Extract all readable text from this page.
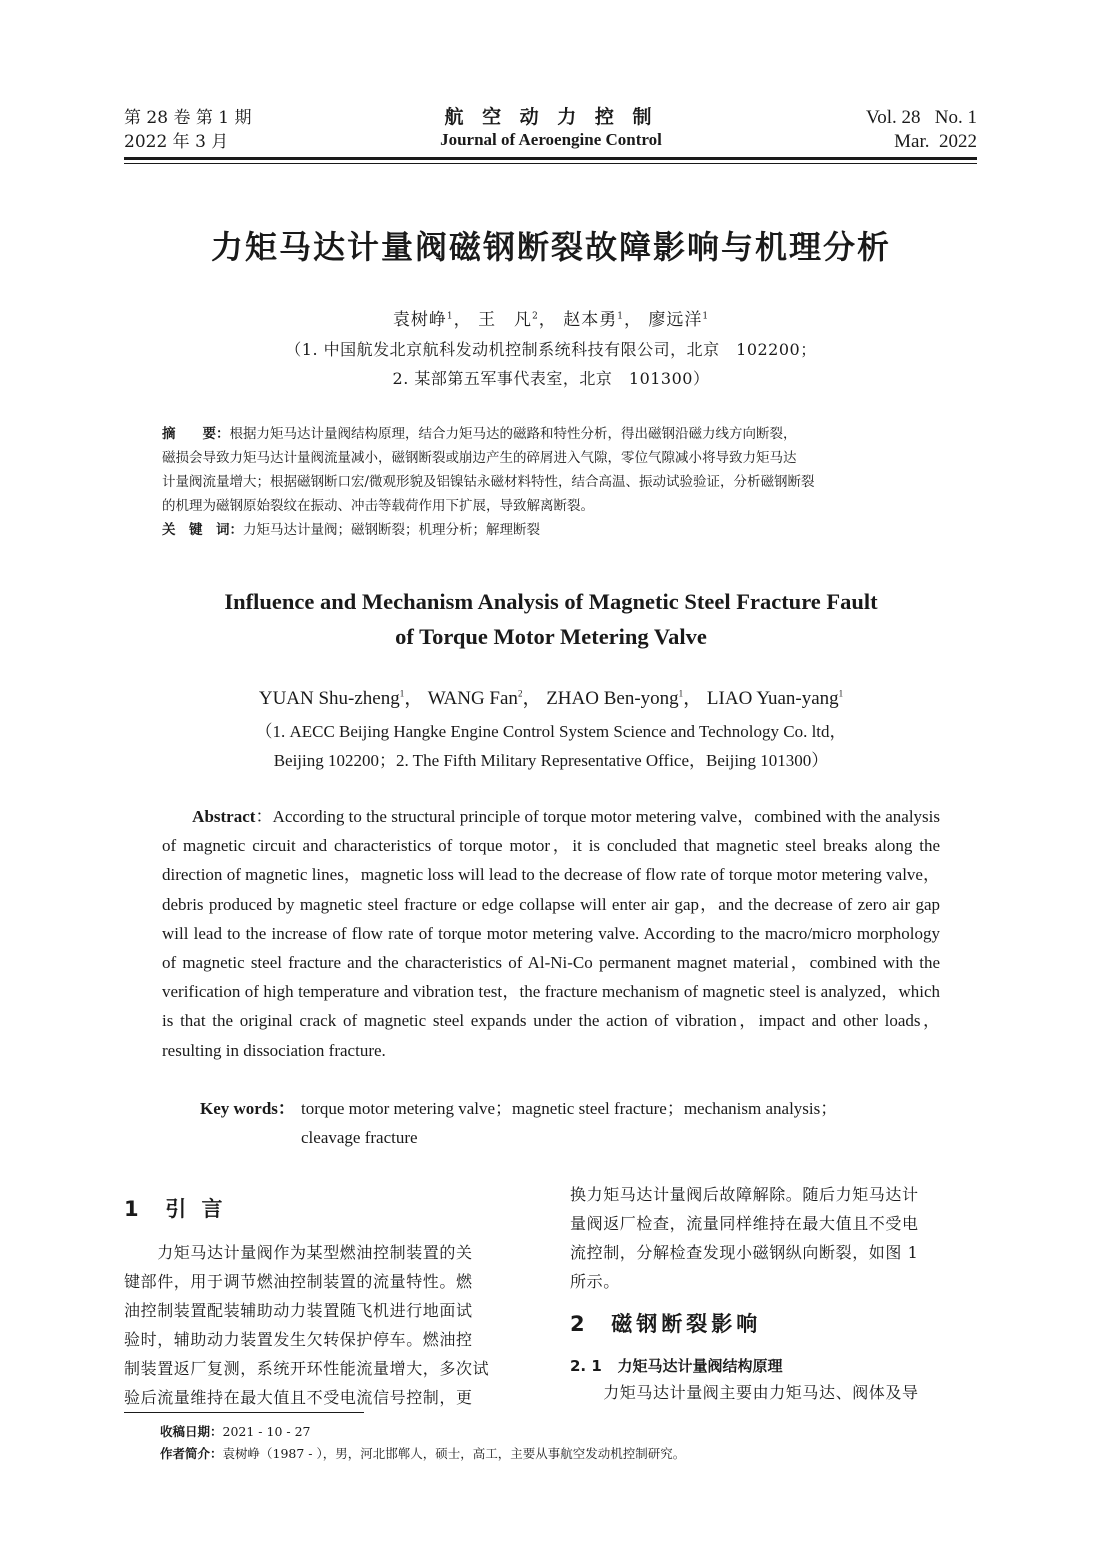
第 28 卷 第 1 期
2022 年 3 月
航 空 动 力 控 制
Journal of Aeroengine Control
Vol. 28   No. 1
Mar.  2022
力矩马达计量阀磁钢断裂故障影响与机理分析
袁树峥$^1$， 王　凡$^2$， 赵本勇$^1$， 廖远洋$^1$
（1. 中国航发北京航科发动机控制系统科技有限公司，北京　102200；
2. 某部第五军事代表室，北京　101300）
摘　　要：根据力矩马达计量阀结构原理，结合力矩马达的磁路和特性分析，得出磁钢沿磁力线方向断裂，
磁损会导致力矩马达计量阀流量减小，磁钢断裂或崩边产生的碎屑进入气隙，零位气隙减小将导致力矩马达
计量阀流量增大；根据磁钢断口宏/微观形貌及铝镍钴永磁材料特性，结合高温、振动试验验证，分析磁钢断裂
的机理为磁钢原始裂纹在振动、冲击等载荷作用下扩展，导致解离断裂。
关　键　词：力矩马达计量阀；磁钢断裂；机理分析；解理断裂
Influence and Mechanism Analysis of Magnetic Steel Fracture Fault
of Torque Motor Metering Valve
YUAN Shu-zheng$^1$， WANG Fan$^2$， ZHAO Ben-yong$^1$， LIAO Yuan-yang$^1$
（1. AECC Beijing Hangke Engine Control System Science and Technology Co. ltd，
Beijing 102200；2. The Fifth Military Representative Office，Beijing 101300）
Abstract：According to the structural principle of torque motor metering valve，combined with the analysis of magnetic circuit and characteristics of torque motor，it is concluded that magnetic steel breaks along the direction of magnetic lines，magnetic loss will lead to the decrease of flow rate of torque motor metering valve，debris produced by magnetic steel fracture or edge collapse will enter air gap，and the decrease of zero air gap will lead to the increase of flow rate of torque motor metering valve. According to the macro/micro morphology of magnetic steel fracture and the characteristics of Al-Ni-Co permanent magnet material，combined with the verification of high temperature and vibration test，the fracture mechanism of magnetic steel is analyzed，which is that the original crack of magnetic steel expands under the action of vibration，impact and other loads，resulting in dissociation fracture.
Key words： torque motor metering valve；magnetic steel fracture；mechanism analysis；
cleavage fracture
1 引 言
　　力矩马达计量阀作为某型燃油控制装置的关
键部件，用于调节燃油控制装置的流量特性。燃
油控制装置配装辅助动力装置随飞机进行地面试
验时，辅助动力装置发生欠转保护停车。燃油控
制装置返厂复测，系统开环性能流量增大，多次试
验后流量维持在最大值且不受电流信号控制，更
换力矩马达计量阀后故障解除。随后力矩马达计
量阀返厂检查，流量同样维持在最大值且不受电
流控制，分解检查发现小磁钢纵向断裂，如图 1
所示。
2 磁钢断裂影响
2. 1 力矩马达计量阀结构原理
　　力矩马达计量阀主要由力矩马达、阀体及导
收稿日期：2021 - 10 - 27
作者简介：袁树峥（1987 - ），男，河北邯郸人，硕士，高工，主要从事航空发动机控制研究。
